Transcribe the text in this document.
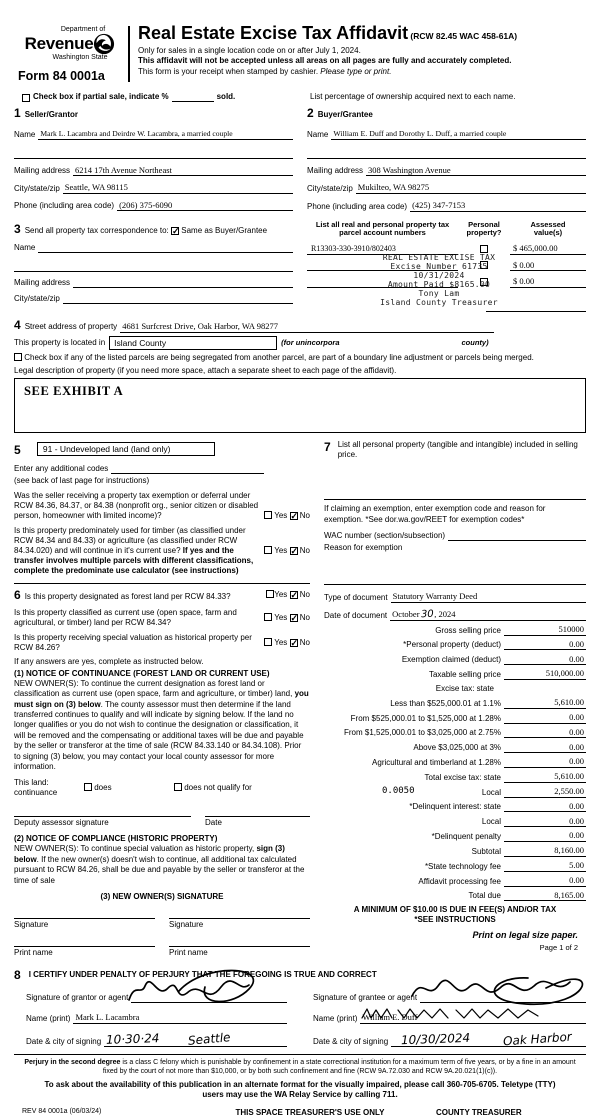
Department of
Revenue
Washington State
Form 84 0001a
Real Estate Excise Tax Affidavit (RCW 82.45 WAC 458-61A)
Only for sales in a single location code on or after July 1, 2024.
This affidavit will not be accepted unless all areas on all pages are fully and accurately completed.
This form is your receipt when stamped by cashier. Please type or print.
Check box if partial sale, indicate %	sold.	List percentage of ownership acquired next to each name.
1 Seller/Grantor
Name Mark L. Lacambra and Deirdre W. Lacambra, a married couple
Mailing address 6214 17th Avenue Northeast
City/state/zip Seattle, WA 98115
Phone (including area code) (206) 375-6090
3 Send all property tax correspondence to: ✓ Same as Buyer/Grantee
Name
Mailing address
City/state/zip
2 Buyer/Grantee
Name William E. Duff and Dorothy L. Duff, a married couple
Mailing address 308 Washington Avenue
City/state/zip Mukilteo, WA 98275
Phone (including area code) (425) 347-7153
List all real and personal property tax
parcel account numbers
Personal
property?
Assessed
value(s)
R13303-330-3910/802403	$ 465,000.00
$ 0.00
$ 0.00
REAL ESTATE EXCISE TAX
Excise Number 61735
10/31/2024
Amount Paid $8165.00
Tony Lam
Island County Treasurer
4 Street address of property 4681 Surfcrest Drive, Oak Harbor, WA 98277
This property is located in	Island County	(for unincorpora	county)
Check box if any of the listed parcels are being segregated from another parcel, are part of a boundary line adjustment or parcels being merged.
Legal description of property (if you need more space, attach a separate sheet to each page of the affidavit).
SEE EXHIBIT A
5	91 - Undeveloped land (land only)
Enter any additional codes
(see back of last page for instructions)
Was the seller receiving a property tax exemption or deferral under RCW 84.36, 84.37, or 84.38 (nonprofit org., senior citizen or disabled person, homeowner with limited income)?	Yes ✓ No
Is this property predominately used for timber (as classified under RCW 84.34 and 84.33) or agriculture (as classified under RCW 84.34.020) and will continue in it's current use? If yes and the transfer involves multiple parcels with different classifications, complete the predominate use calculator (see instructions)
Yes ✓ No
6 Is this property designated as forest land per RCW 84.33?	Yes ✓ No
Is this property classified as current use (open space, farm and agricultural, or timber) land per RCW 84.34?
Yes ✓ No
Is this property receiving special valuation as historical property per RCW 84.26?
Yes ✓ No
If any answers are yes, complete as instructed below.
(1) NOTICE OF CONTINUANCE (FOREST LAND OR CURRENT USE)
NEW OWNER(S): To continue the current designation as forest land or classification as current use (open space, farm and agriculture, or timber) land, you must sign on (3) below. The county assessor must then determine if the land transferred continues to qualify and will indicate by signing below. If the land no longer qualifies or you do not wish to continue the designation or classification, it will be removed and the compensating or additional taxes will be due and payable by the seller or transferor at the time of sale (RCW 84.33.140 or 84.34.108). Prior to signing (3) below, you may contact your local county assessor for more information.
This land:
continuance
does	does not qualify for
Deputy assessor signature	Date
(2) NOTICE OF COMPLIANCE (HISTORIC PROPERTY)
NEW OWNER(S): To continue special valuation as historic property, sign (3) below. If the new owner(s) doesn't wish to continue, all additional tax calculated pursuant to RCW 84.26, shall be due and payable by the seller or transferor at the time of sale
(3) NEW OWNER(S) SIGNATURE
Signature	Signature
Print name	Print name
7 List all personal property (tangible and intangible) included in selling price.
If claiming an exemption, enter exemption code and reason for exemption. *See dor.wa.gov/REET for exemption codes*
WAC number (section/subsection)
Reason for exemption
Type of document Statutory Warranty Deed
Date of document October30, 2024
Gross selling price	510000
*Personal property (deduct)	0.00
Exemption claimed (deduct)	0.00
Taxable selling price	510,000.00
Excise tax: state
Less than $525,000.01 at 1.1%	5,610.00
From $525,000.01 to $1,525,000 at 1.28%	0.00
From $1,525,000.01 to $3,025,000 at 2.75%	0.00
Above $3,025,000 at 3%	0.00
Agricultural and timberland at 1.28%	0.00
Total excise tax: state	5,610.00
0.0050	Local	2,550.00
*Delinquent interest: state	0.00
Local	0.00
*Delinquent penalty	0.00
Subtotal	8,160.00
*State technology fee	5.00
Affidavit processing fee	0.00
Total due	8,165.00
A MINIMUM OF $10.00 IS DUE IN FEE(S) AND/OR TAX
*SEE INSTRUCTIONS
8 I CERTIFY UNDER PENALTY OF PERJURY THAT THE FOREGOING IS TRUE AND CORRECT
Signature of grantor or agent
Name (print) Mark L. Lacambra
Date & city of signing 10·30·24 Seattle
Signature of grantee or agent
Name (print) William E. Duff
Date & city of signing	10/30/2024	Oak Harbor
Perjury in the second degree is a class C felony which is punishable by confinement in a state correctional institution for a maximum term of five years, or by a fine in an amount fixed by the court of not more than $10,000, or by both such confinement and fine (RCW 9A.72.030 and RCW 9A.20.021(1)(c)).
To ask about the availability of this publication in an alternate format for the visually impaired, please call 360-705-6705. Teletype (TTY) users may use the WA Relay Service by calling 711.
REV 84 0001a (06/03/24)	THIS SPACE TREASURER'S USE ONLY	COUNTY TREASURER
Print on legal size paper.
Page 1 of 2
